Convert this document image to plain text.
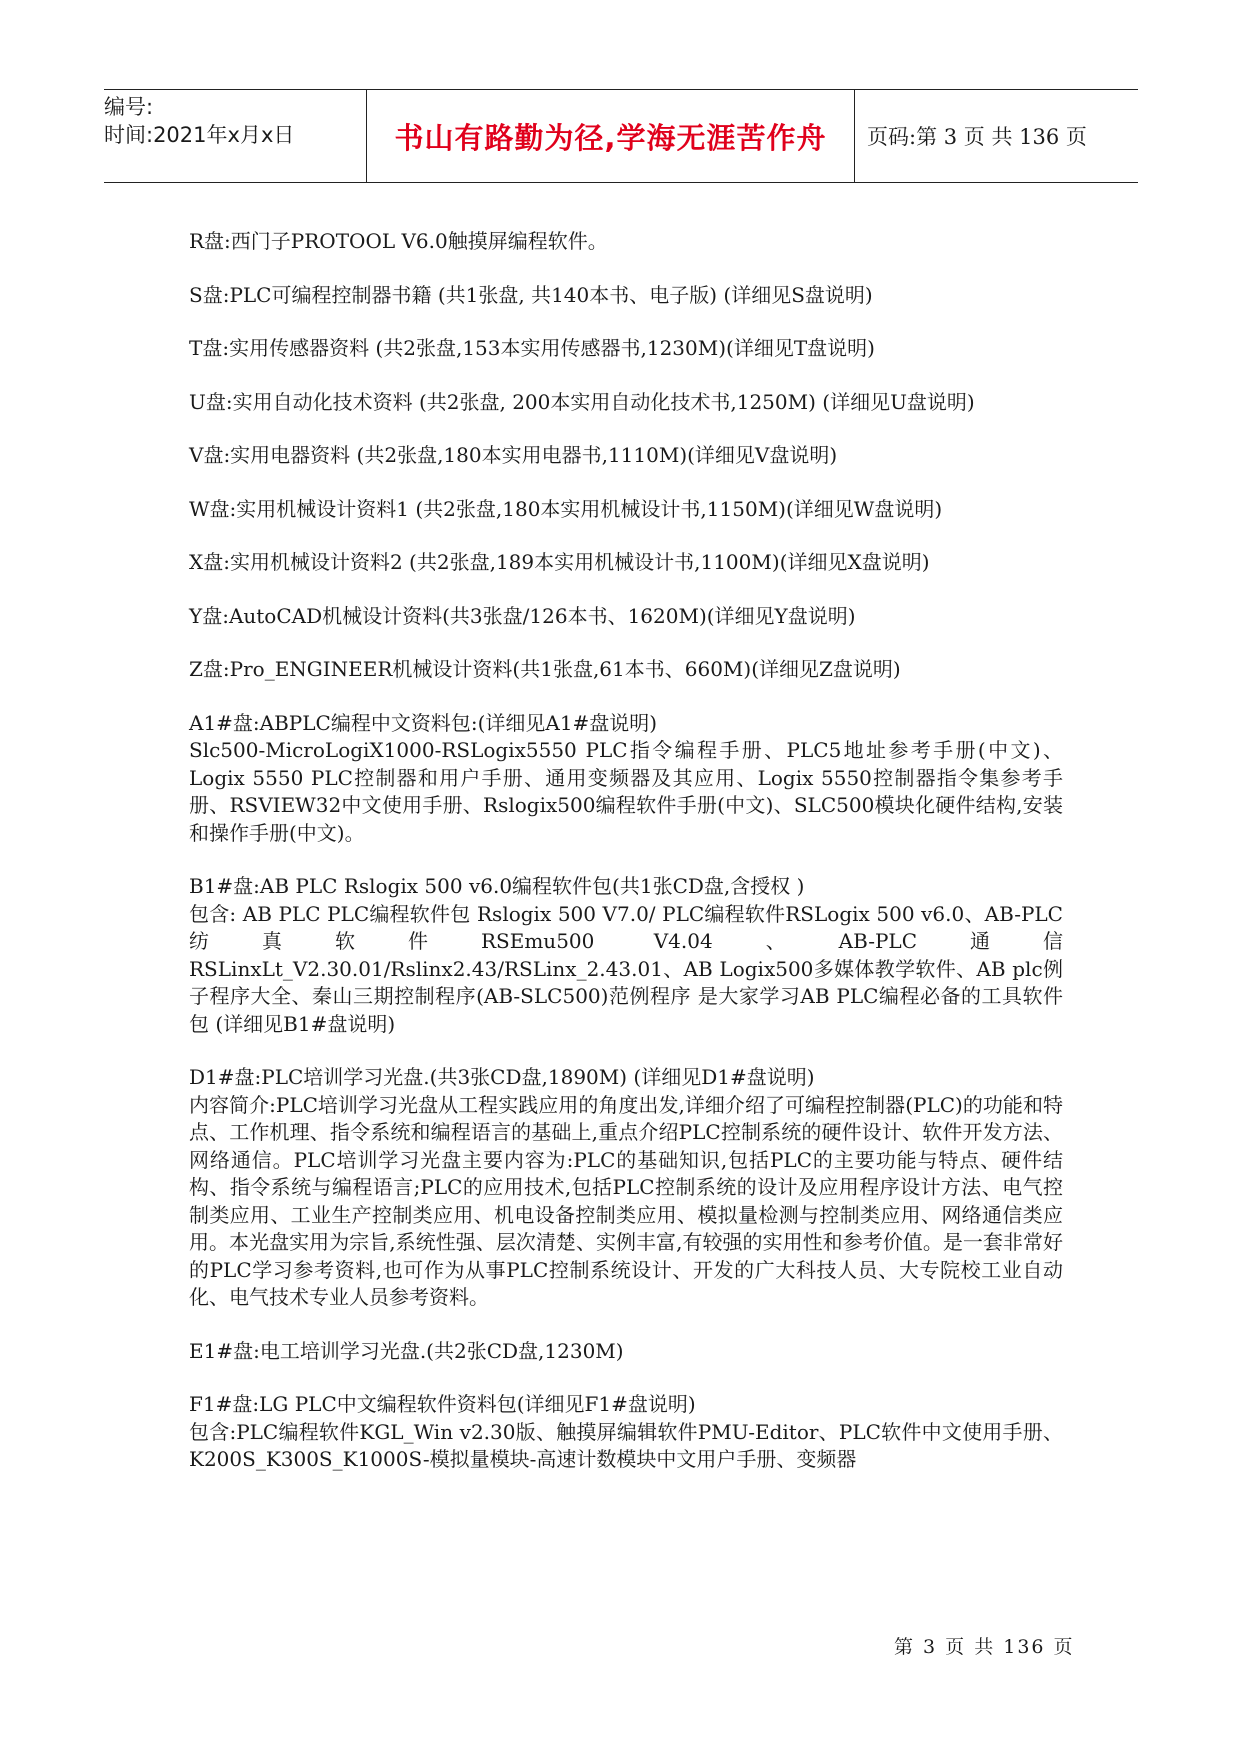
编号:
时间:2021年x月x日	书山有路勤为径,学海无涯苦作舟	页码:第 3 页 共 136 页

R盘:西门子PROTOOL V6.0触摸屏编程软件。

S盘:PLC可编程控制器书籍 (共1张盘, 共140本书、电子版) (详细见S盘说明)

T盘:实用传感器资料 (共2张盘,153本实用传感器书,1230M)(详细见T盘说明)

U盘:实用自动化技术资料 (共2张盘, 200本实用自动化技术书,1250M) (详细见U盘说明)

V盘:实用电器资料 (共2张盘,180本实用电器书,1110M)(详细见V盘说明)

W盘:实用机械设计资料1 (共2张盘,180本实用机械设计书,1150M)(详细见W盘说明)

X盘:实用机械设计资料2 (共2张盘,189本实用机械设计书,1100M)(详细见X盘说明)

Y盘:AutoCAD机械设计资料(共3张盘/126本书、1620M)(详细见Y盘说明)

Z盘:Pro_ENGINEER机械设计资料(共1张盘,61本书、660M)(详细见Z盘说明)

A1#盘:ABPLC编程中文资料包:(详细见A1#盘说明)
Slc500-MicroLogiX1000-RSLogix5550 PLC指令编程手册、PLC5地址参考手册(中文)、Logix 5550 PLC控制器和用户手册、通用变频器及其应用、Logix 5550控制器指令集参考手册、RSVIEW32中文使用手册、Rslogix500编程软件手册(中文)、SLC500模块化硬件结构,安装和操作手册(中文)。

B1#盘:AB PLC Rslogix 500 v6.0编程软件包(共1张CD盘,含授权 )
包含: AB PLC PLC编程软件包 Rslogix 500 V7.0/ PLC编程软件RSLogix 500 v6.0、AB-PLC 纺真软件RSEmu500 V4.04、AB-PLC通信RSLinxLt_V2.30.01/Rslinx2.43/RSLinx_2.43.01、AB Logix500多媒体教学软件、AB plc例子程序大全、秦山三期控制程序(AB-SLC500)范例程序 是大家学习AB PLC编程必备的工具软件包 (详细见B1#盘说明)

D1#盘:PLC培训学习光盘.(共3张CD盘,1890M) (详细见D1#盘说明)
内容简介:PLC培训学习光盘从工程实践应用的角度出发,详细介绍了可编程控制器(PLC)的功能和特点、工作机理、指令系统和编程语言的基础上,重点介绍PLC控制系统的硬件设计、软件开发方法、网络通信。PLC培训学习光盘主要内容为:PLC的基础知识,包括PLC的主要功能与特点、硬件结构、指令系统与编程语言;PLC的应用技术,包括PLC控制系统的设计及应用程序设计方法、电气控制类应用、工业生产控制类应用、机电设备控制类应用、模拟量检测与控制类应用、网络通信类应用。本光盘实用为宗旨,系统性强、层次清楚、实例丰富,有较强的实用性和参考价值。是一套非常好的PLC学习参考资料,也可作为从事PLC控制系统设计、开发的广大科技人员、大专院校工业自动化、电气技术专业人员参考资料。

E1#盘:电工培训学习光盘.(共2张CD盘,1230M)

F1#盘:LG PLC中文编程软件资料包(详细见F1#盘说明)
包含:PLC编程软件KGL_Win v2.30版、触摸屏编辑软件PMU-Editor、PLC软件中文使用手册、K200S_K300S_K1000S-模拟量模块-高速计数模块中文用户手册、变频器

第 3 页 共 136 页
